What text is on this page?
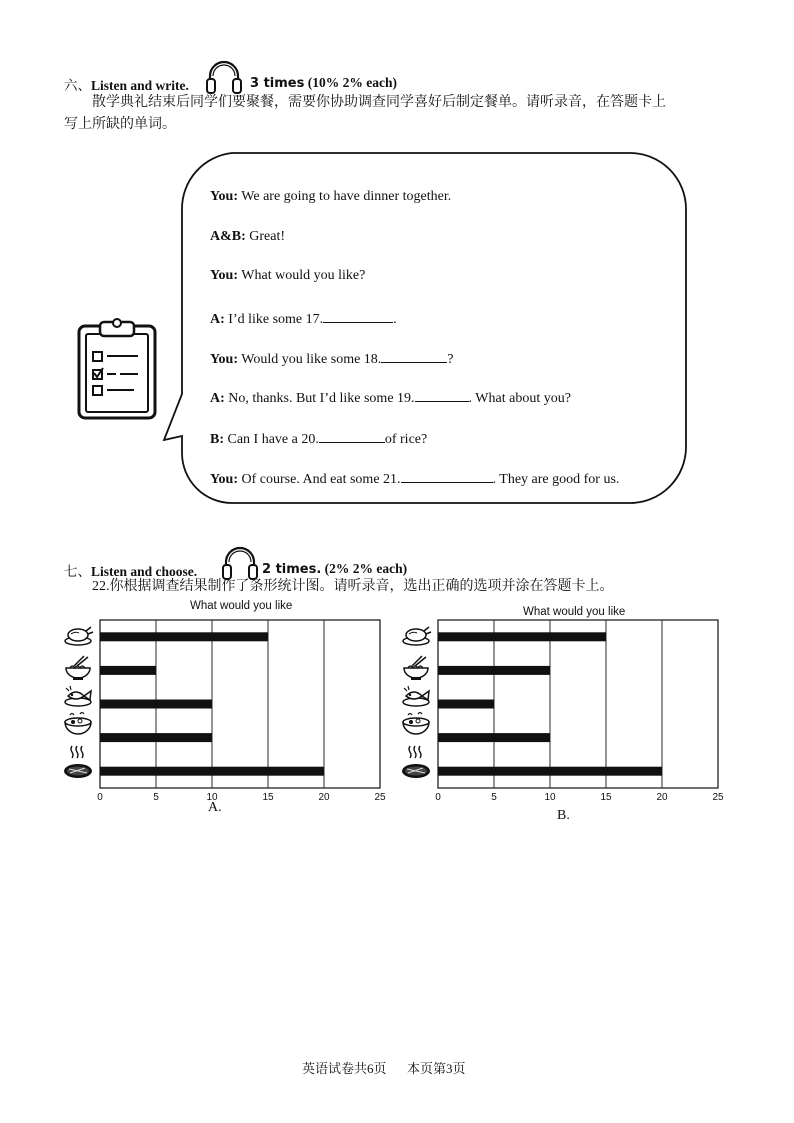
六、Listen and write.	3 times (10% 2% each)
散学典礼结束后同学们要聚餐，需要你协助调查同学喜好后制定餐单。请听录音，在答题卡上
写上所缺的单词。
You: We are going to have dinner together.
A&B: Great!
You: What would you like?
A: I’d like some 17.	.
You: Would you like some 18.	?
A: No, thanks. But I’d like some 19.	. What about you?
B: Can I have a 20.	of rice?
You: Of course. And eat some 21.	. They are good for us.
七、Listen and choose.	2 times. (2% 2% each)
22.你根据调查结果制作了条形统计图。请听录音，选出正确的选项并涂在答题卡上。
What would you like
0	5	10	15	20	25
A.
What would you like
0	5	10	15	20	25
B.
英语试卷共6页 本页第3页
